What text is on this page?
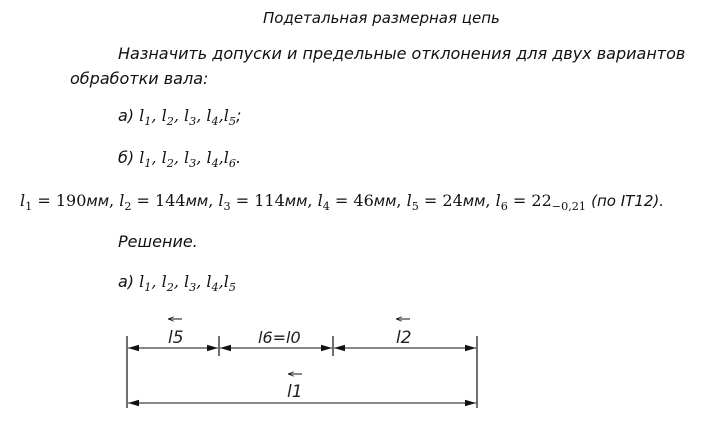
Подетальная размерная цепь
Назначить допуски и предельные отклонения для двух вариантов
обработки вала:
а) $l_1$, $l_2$, $l_3$, $l_4,l_5$;
б) $l_1$, $l_2$, $l_3$, $l_4,l_6$.
$l_1 = 190мм$, $l_2 = 144мм$, $l_3 = 114мм$, $l_4 = 46мм$, $l_5 = 24мм$, $l_6 = 22_{-0,21}$ (по IT12).
Решение.
а) $l_1$, $l_2$, $l_3$, $l_4,l_5$
l5	l6=l0	l2
l1
